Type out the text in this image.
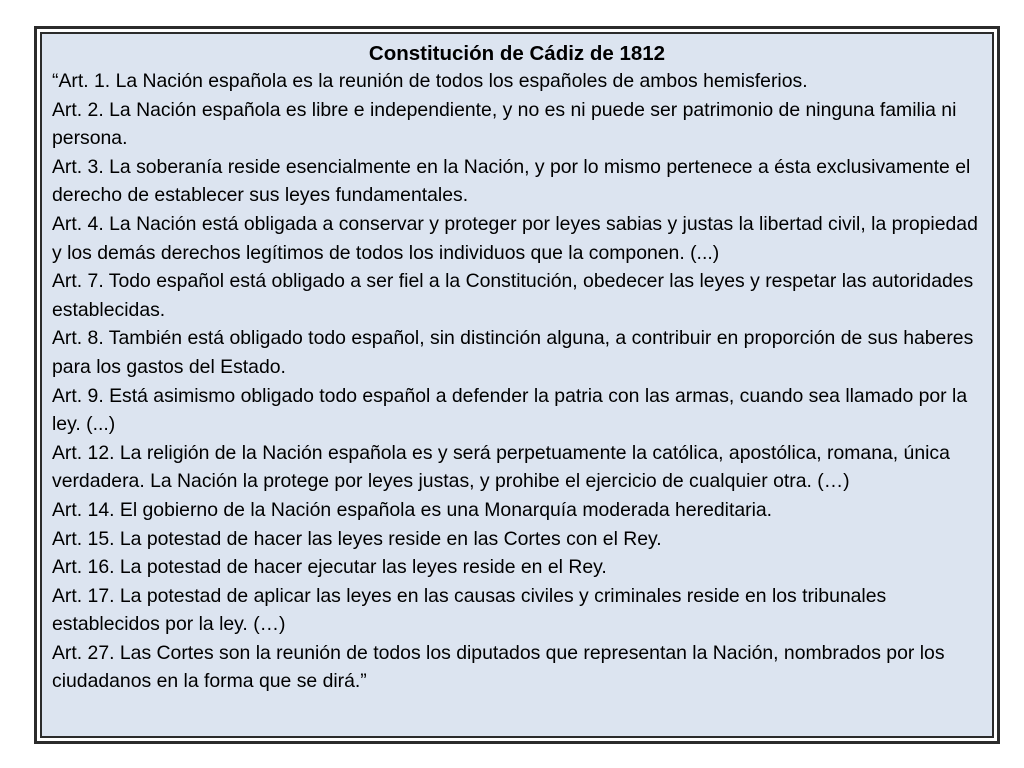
Constitución de Cádiz de 1812

“Art. 1. La Nación española es la reunión de todos los españoles de ambos hemisferios.

Art. 2. La Nación española es libre e independiente, y no es ni puede ser patrimonio de ninguna familia ni persona.

Art. 3. La soberanía reside esencialmente en la Nación, y por lo mismo pertenece a ésta exclusivamente el derecho de establecer sus leyes fundamentales.

Art. 4. La Nación está obligada a conservar y proteger por leyes sabias y justas la libertad civil, la propiedad y los demás derechos legítimos de todos los individuos que la componen. (...)

Art. 7. Todo español está obligado a ser fiel a la Constitución, obedecer las leyes y respetar las autoridades establecidas.

Art. 8. También está obligado todo español, sin distinción alguna, a contribuir en proporción de sus haberes para los gastos del Estado.

Art. 9. Está asimismo obligado todo español a defender la patria con las armas, cuando sea llamado por la ley. (...)

Art. 12. La religión de la Nación española es y será perpetuamente la católica, apostólica, romana, única verdadera. La Nación la protege por leyes justas, y prohibe el ejercicio de cualquier otra. (…)

Art. 14. El gobierno de la Nación española es una Monarquía moderada hereditaria.

Art. 15. La potestad de hacer las leyes reside en las Cortes con el Rey.

Art. 16. La potestad de hacer ejecutar las leyes reside en el Rey.

Art. 17. La potestad de aplicar las leyes en las causas civiles y criminales reside en los tribunales establecidos por la ley. (…)

Art. 27. Las Cortes son la reunión de todos los diputados que representan la Nación, nombrados por los ciudadanos en la forma que se dirá.”
